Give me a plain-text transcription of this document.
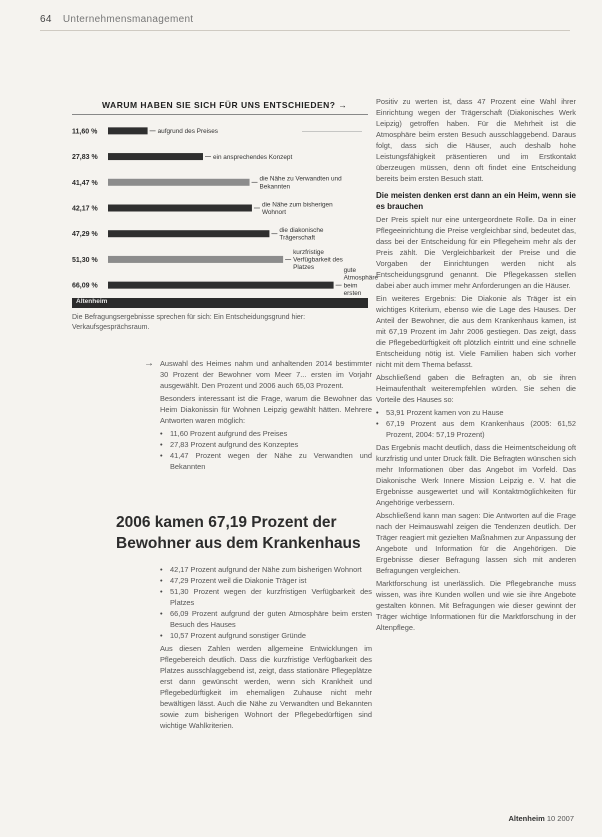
64 Unternehmensmanagement
WARUM HABEN SIE SICH FÜR UNS ENTSCHIEDEN? →
11,60 %	aufgrund des Preises
27,83 %	ein ansprechendes Konzept
41,47 %
die Nähe zu Verwandten und Bekannten
42,17 %
die Nähe zum bisherigen Wohnort
47,29 %
die diakonische Trägerschaft
51,30 %
kurzfristige Verfügbarkeit des Platzes
66,09 %
gute Atmosphäre beim ersten
Altenheim
Die Befragungsergebnisse sprechen für sich: Ein Entscheidungsgrund hier: Verkaufsgesprächsraum.
→ Auswahl des Heimes nahm und anhaltenden 2014 bestimmter 30 Prozent der Bewohner vom Meer 7... ersten im Vorjahr ausgewählt. Den Prozent und 2006 auch 65,03 Prozent.

Besonders interessant ist die Frage, warum die Bewohner das Heim Diakonissin für Wohnen Leipzig gewählt hätten. Mehrere Antworten waren möglich:

• 11,60 Prozent aufgrund des Preises
• 27,83 Prozent aufgrund des Konzeptes
• 41,47 Prozent wegen der Nähe zu Verwandten und Bekannten
2006 kamen 67,19 Prozent der Bewohner aus dem Krankenhaus
• 42,17 Prozent aufgrund der Nähe zum bisherigen Wohnort
• 47,29 Prozent weil die Diakonie Träger ist
• 51,30 Prozent wegen der kurzfristigen Verfügbarkeit des Platzes
• 66,09 Prozent aufgrund der guten Atmosphäre beim ersten Besuch des Hauses
• 10,57 Prozent aufgrund sonstiger Gründe

Aus diesen Zahlen werden allgemeine Entwicklungen im Pflegebereich deutlich. Dass die kurzfristige Verfügbarkeit des Platzes ausschlaggebend ist, zeigt, dass stationäre Pflegeplätze erst dann gewünscht werden, wenn sich Krankheit und Pflegebedürftigkeit im ehemaligen Zuhause nicht mehr bewältigen lässt. Auch die Nähe zu Verwandten und Bekannten sowie zum bisherigen Wohnort der Pflegebedürftigen sind wichtige Wahlkriterien.

Positiv zu werten ist, dass 47 Prozent eine Wahl ihrer Einrichtung wegen der Trägerschaft (Diakonisches Werk Leipzig) getroffen haben. Für die Mehrheit ist die Atmosphäre beim ersten Besuch ausschlaggebend. Daraus folgt, dass sich die Häuser, auch deshalb hohe Leistungsfähigkeit präsentieren und im Erstkontakt überzeugen müssen, denn oft findet eine Entscheidung bereits beim ersten Besuch statt.

Die meisten denken erst dann an ein Heim, wenn sie es brauchen

Der Preis spielt nur eine untergeordnete Rolle. Da in einer Pflegeeinrichtung die Preise vergleichbar sind, bedeutet das, dass bei der Entscheidung für ein Pflegeheim mehr als der Preis zählt. Die Vergleichbarkeit der Preise und die Vorgaben der Einrichtungen werden nicht als Entscheidungsgrund genannt. Die Pflegekassen stellen dabei aber auch immer mehr Anforderungen an die Häuser.

Ein weiteres Ergebnis: Die Diakonie als Träger ist ein wichtiges Kriterium, ebenso wie die Lage des Hauses. Der Anteil der Bewohner, die aus dem Krankenhaus kamen, ist mit 67,19 Prozent im Jahr 2006 gestiegen. Das zeigt, dass die Pflegebedürftigkeit oft plötzlich eintritt und eine schnelle Entscheidung nötig ist. Viele Familien haben sich vorher nicht mit dem Thema befasst.

Abschließend gaben die Befragten an, ob sie ihren Heimaufenthalt weiterempfehlen würden. Sie sehen die Vorteile des Hauses so:

• 53,91 Prozent kamen von zu Hause
• 67,19 Prozent aus dem Krankenhaus (2005: 61,52 Prozent, 2004: 57,19 Prozent)

Das Ergebnis macht deutlich, dass die Heimentscheidung oft kurzfristig und unter Druck fällt. Die Befragten wünschen sich mehr Informationen über das Angebot im Vorfeld. Das Diakonische Werk Innere Mission Leipzig e. V. hat die Ergebnisse ausgewertet und will Kontaktmöglichkeiten für Angehörige verbessern.

Abschließend kann man sagen: Die Antworten auf die Frage nach der Heimauswahl zeigen die Tendenzen deutlich. Der Träger reagiert mit gezielten Maßnahmen zur Anpassung der Angebote und Information für die Angehörigen. Die Ergebnisse dieser Befragung lassen sich mit anderen Befragungen vergleichen.

Marktforschung ist unerlässlich. Die Pflegebranche muss wissen, was ihre Kunden wollen und wie sie ihre Angebote gestalten können. Mit Befragungen wie dieser gewinnt der Träger wichtige Informationen für die Marktforschung in der Altenpflege.

Altenheim 10 2007
